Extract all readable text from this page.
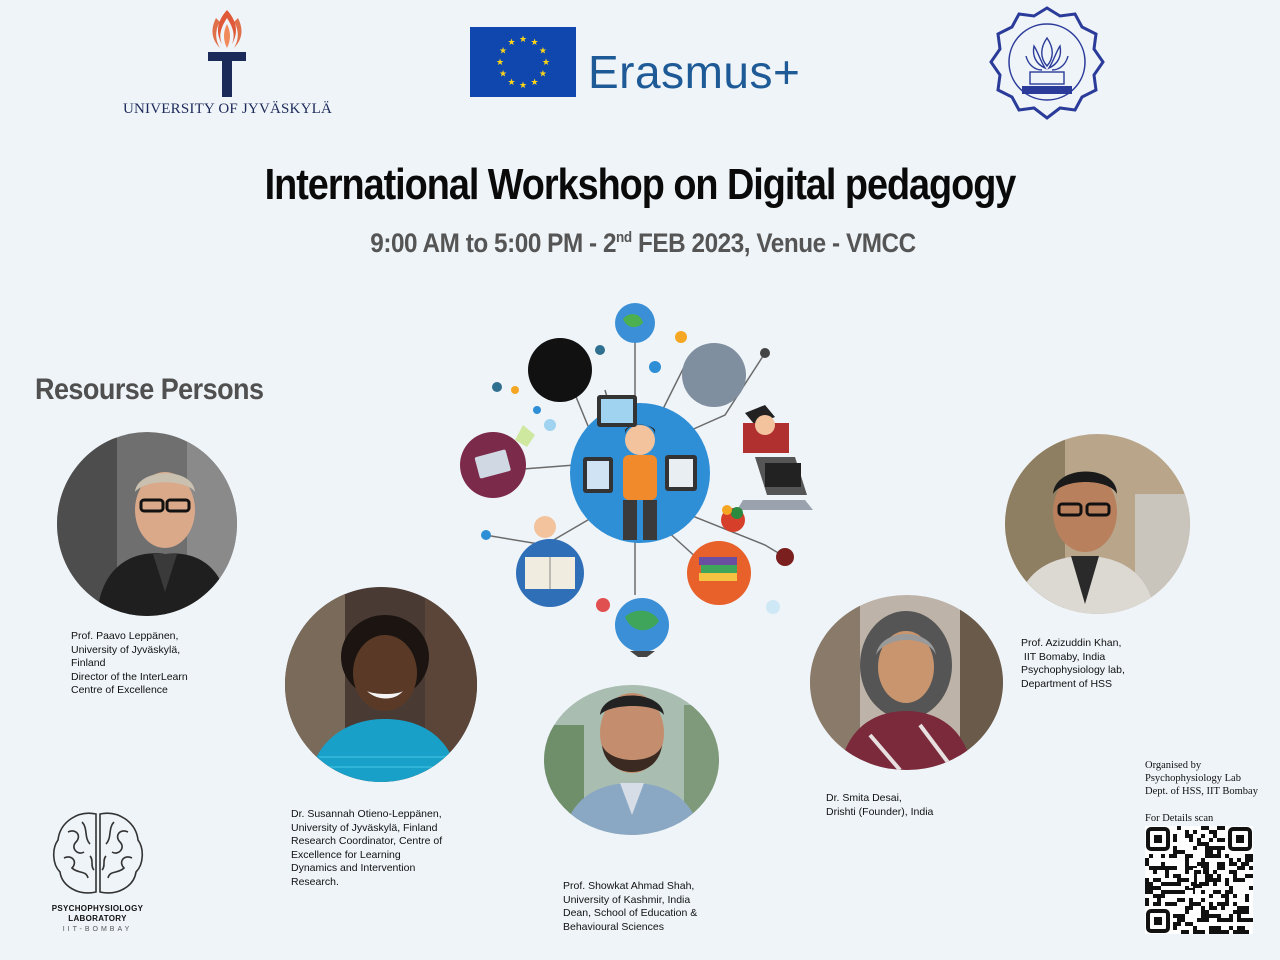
UNIVERSITY OF JYVÄSKYLÄ
★
★
★
★
★
★
★
★
★ ★ ★
★ Erasmus+
International Workshop on Digital pedagogy
9:00 AM to 5:00 PM - 2nd FEB 2023, Venue - VMCC
Resourse Persons
Prof. Paavo Leppänen,
University of Jyväskylä,
Finland
Director of the InterLearn
Centre of Excellence
Dr. Susannah Otieno-Leppänen,
University of Jyväskylä, Finland
Research Coordinator, Centre of
Excellence for Learning
Dynamics and Intervention
Research.	Prof. Showkat Ahmad Shah,
University of Kashmir, India
Dean, School of Education &
Behavioural Sciences
Dr. Smita Desai,
Drishti (Founder), India
Prof. Azizuddin Khan,
IIT Bomaby, India
Psychophysiology lab,
Department of HSS
Organised by
Psychophysiology Lab
Dept. of HSS, IIT Bombay
For Details scan
PSYCHOPHYSIOLOGY
LABORATORY
IIT-BOMBAY
